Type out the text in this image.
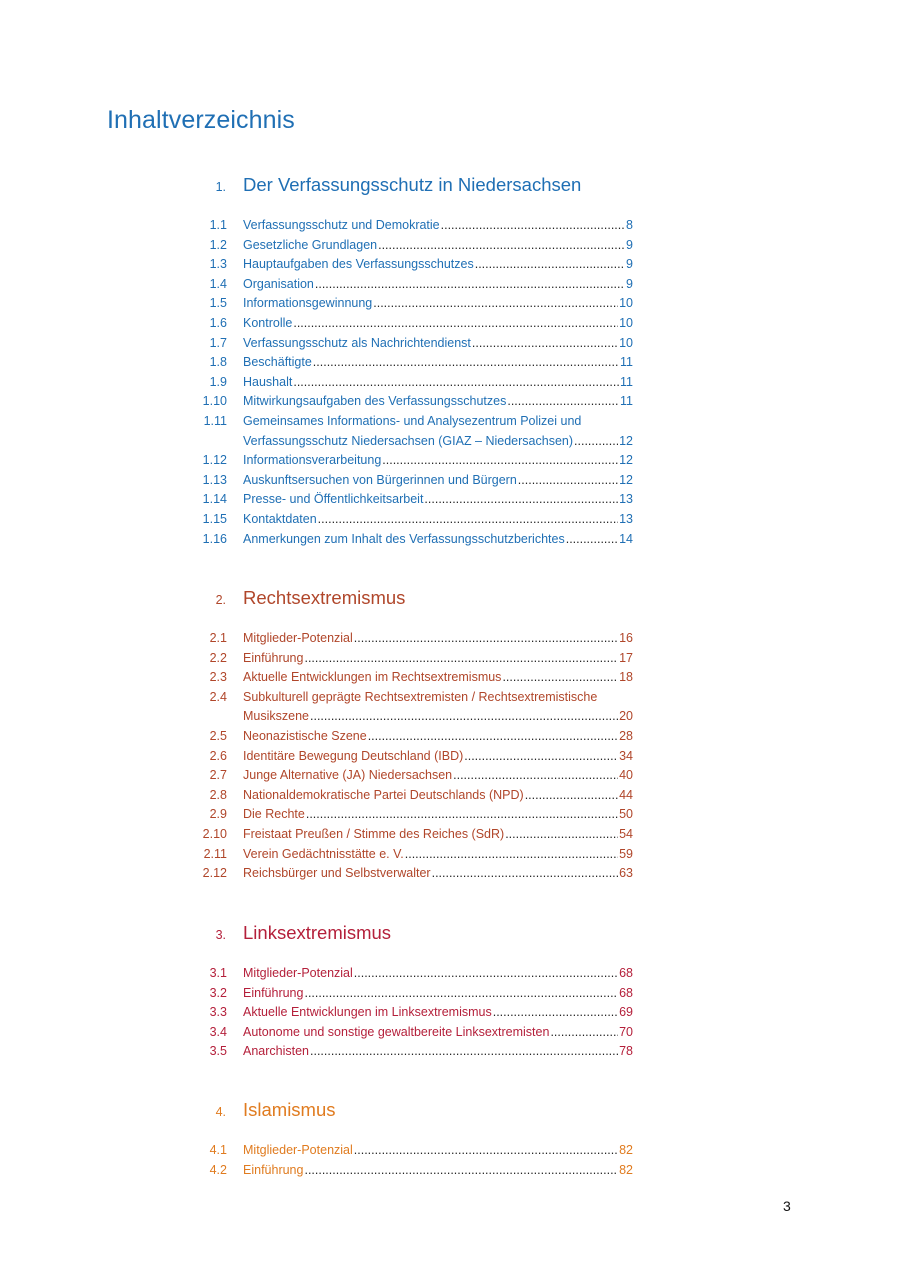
Inhaltverzeichnis
1. Der Verfassungsschutz in Niedersachsen
1.1 Verfassungsschutz und Demokratie .....	8
1.2 Gesetzliche Grundlagen .....	9
1.3 Hauptaufgaben des Verfassungsschutzes .....	9
1.4 Organisation .....	9
1.5 Informationsgewinnung .....	10
1.6 Kontrolle .....	10
1.7 Verfassungsschutz als Nachrichtendienst .....	10
1.8 Beschäftigte .....	11
1.9 Haushalt .....	11
1.10 Mitwirkungsaufgaben des Verfassungsschutzes .....	11
1.11 Gemeinsames Informations- und Analysezentrum Polizei und
Verfassungsschutz Niedersachsen (GIAZ – Niedersachsen) .....	12
1.12 Informationsverarbeitung .....	12
1.13 Auskunftsersuchen von Bürgerinnen und Bürgern .....	12
1.14 Presse- und Öffentlichkeitsarbeit .....	13
1.15 Kontaktdaten .....	13
1.16 Anmerkungen zum Inhalt des Verfassungsschutzberichtes .....	14
2. Rechtsextremismus
2.1 Mitglieder-Potenzial .....	16
2.2 Einführung .....	17
2.3 Aktuelle Entwicklungen im Rechtsextremismus .....	18
2.4 Subkulturell geprägte Rechtsextremisten / Rechtsextremistische
Musikszene .....	20
2.5 Neonazistische Szene .....	28
2.6 Identitäre Bewegung Deutschland (IBD) .....	34
2.7 Junge Alternative (JA) Niedersachsen .....	40
2.8 Nationaldemokratische Partei Deutschlands (NPD) .....	44
2.9 Die Rechte .....	50
2.10 Freistaat Preußen / Stimme des Reiches (SdR) .....	54
2.11 Verein Gedächtnisstätte e. V. .....	59
2.12 Reichsbürger und Selbstverwalter .....	63
3. Linksextremismus
3.1 Mitglieder-Potenzial .....	68
3.2 Einführung .....	68
3.3 Aktuelle Entwicklungen im Linksextremismus .....	69
3.4 Autonome und sonstige gewaltbereite Linksextremisten .....	70
3.5 Anarchisten .....	78
4. Islamismus
4.1 Mitglieder-Potenzial .....	82
4.2 Einführung .....	82
3
